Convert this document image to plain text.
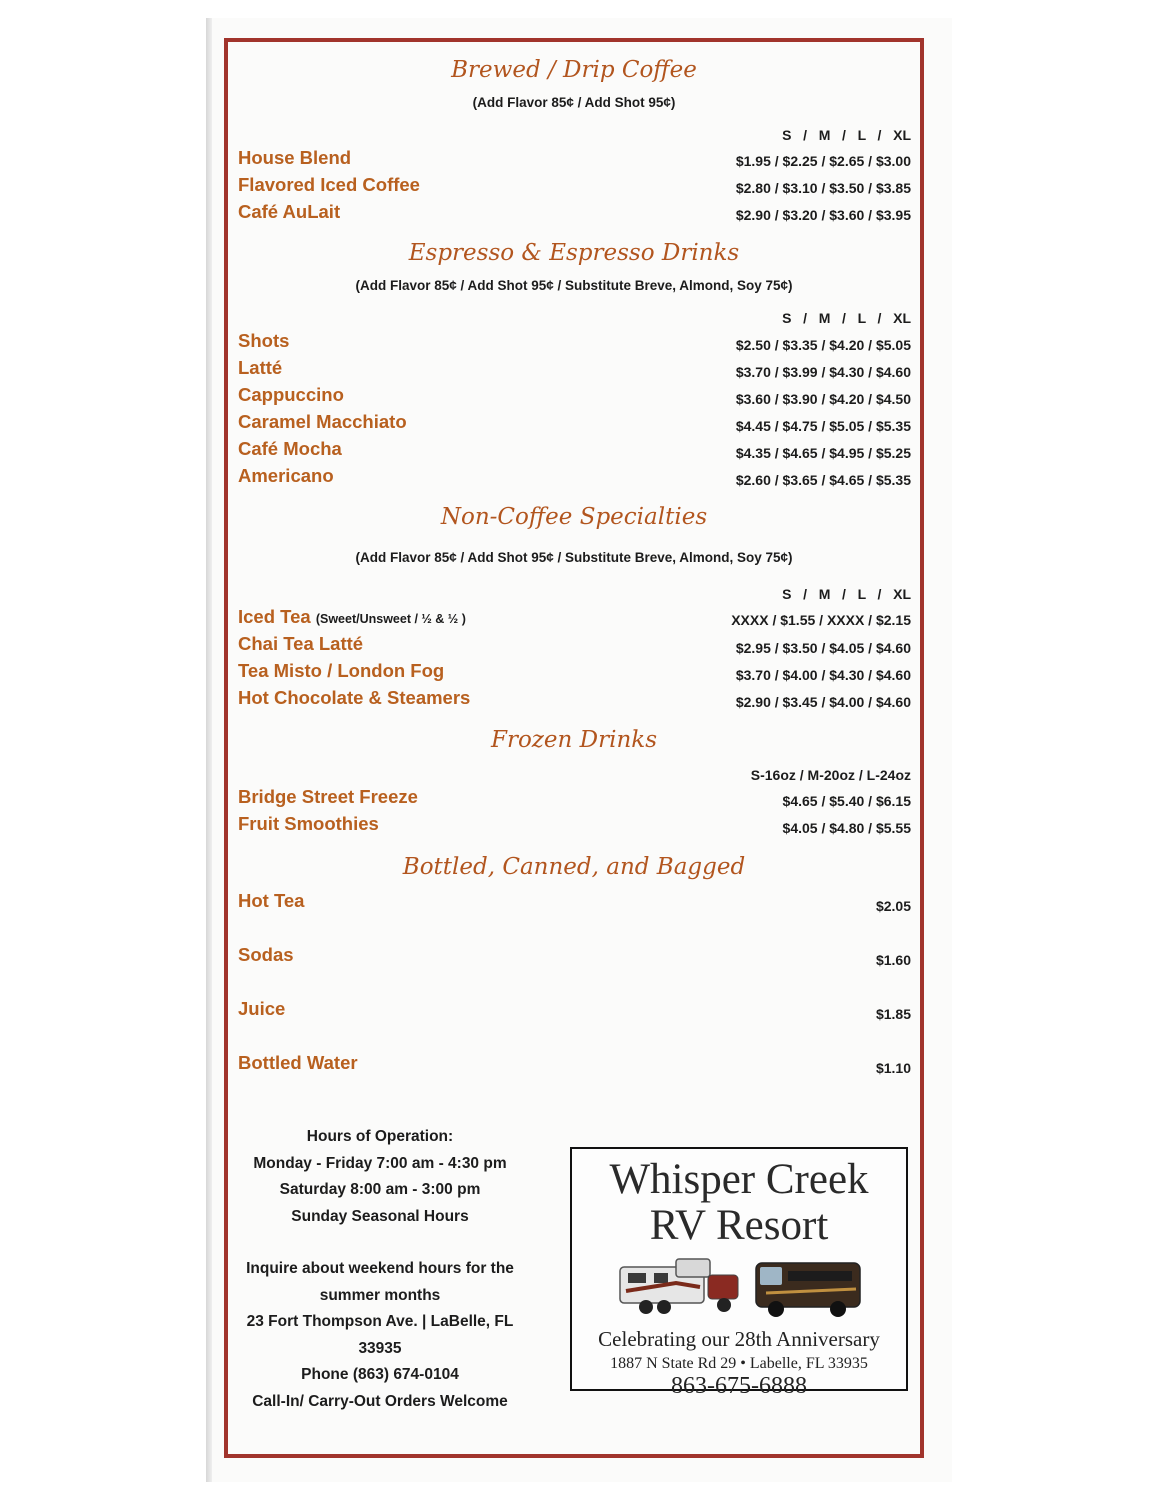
Brewed / Drip Coffee
(Add Flavor 85¢ / Add Shot 95¢)
S   /   M   /   L   /   XL
House Blend	$1.95 / $2.25 / $2.65 / $3.00
Flavored Iced Coffee	$2.80 / $3.10 / $3.50 / $3.85
Café AuLait	$2.90 / $3.20 / $3.60 / $3.95
Espresso & Espresso Drinks
(Add Flavor 85¢ / Add Shot 95¢ / Substitute Breve, Almond, Soy 75¢)
S   /   M   /   L   /   XL
Shots	$2.50 / $3.35 / $4.20 / $5.05
Latté	$3.70 / $3.99 / $4.30 / $4.60
Cappuccino	$3.60 / $3.90 / $4.20 / $4.50
Caramel Macchiato	$4.45 / $4.75 / $5.05 / $5.35
Café Mocha	$4.35 / $4.65 / $4.95 / $5.25
Americano	$2.60 / $3.65 / $4.65 / $5.35
Non-Coffee Specialties
(Add Flavor 85¢ / Add Shot 95¢ / Substitute Breve, Almond, Soy 75¢)
S   /   M   /   L   /   XL
Iced Tea (Sweet/Unsweet / ½ & ½ )	XXXX / $1.55 / XXXX / $2.15
Chai Tea Latté	$2.95 / $3.50 / $4.05 / $4.60
Tea Misto / London Fog	$3.70 / $4.00 / $4.30 / $4.60
Hot Chocolate & Steamers	$2.90 / $3.45 / $4.00 / $4.60
Frozen Drinks
S-16oz / M-20oz / L-24oz
Bridge Street Freeze	$4.65 / $5.40 / $6.15
Fruit Smoothies	$4.05 / $4.80 / $5.55
Bottled, Canned, and Bagged
Hot Tea	$2.05
Sodas	$1.60
Juice	$1.85
Bottled Water	$1.10
Hours of Operation:
Monday - Friday 7:00 am - 4:30 pm
Saturday 8:00 am - 3:00 pm
Sunday Seasonal Hours
Inquire about weekend hours for the
summer months
23 Fort Thompson Ave. | LaBelle, FL
33935
Phone (863) 674-0104
Call-In/ Carry-Out Orders Welcome
Whisper Creek
RV Resort
Celebrating our 28th Anniversary
1887 N State Rd 29 • Labelle, FL 33935
863-675-6888
